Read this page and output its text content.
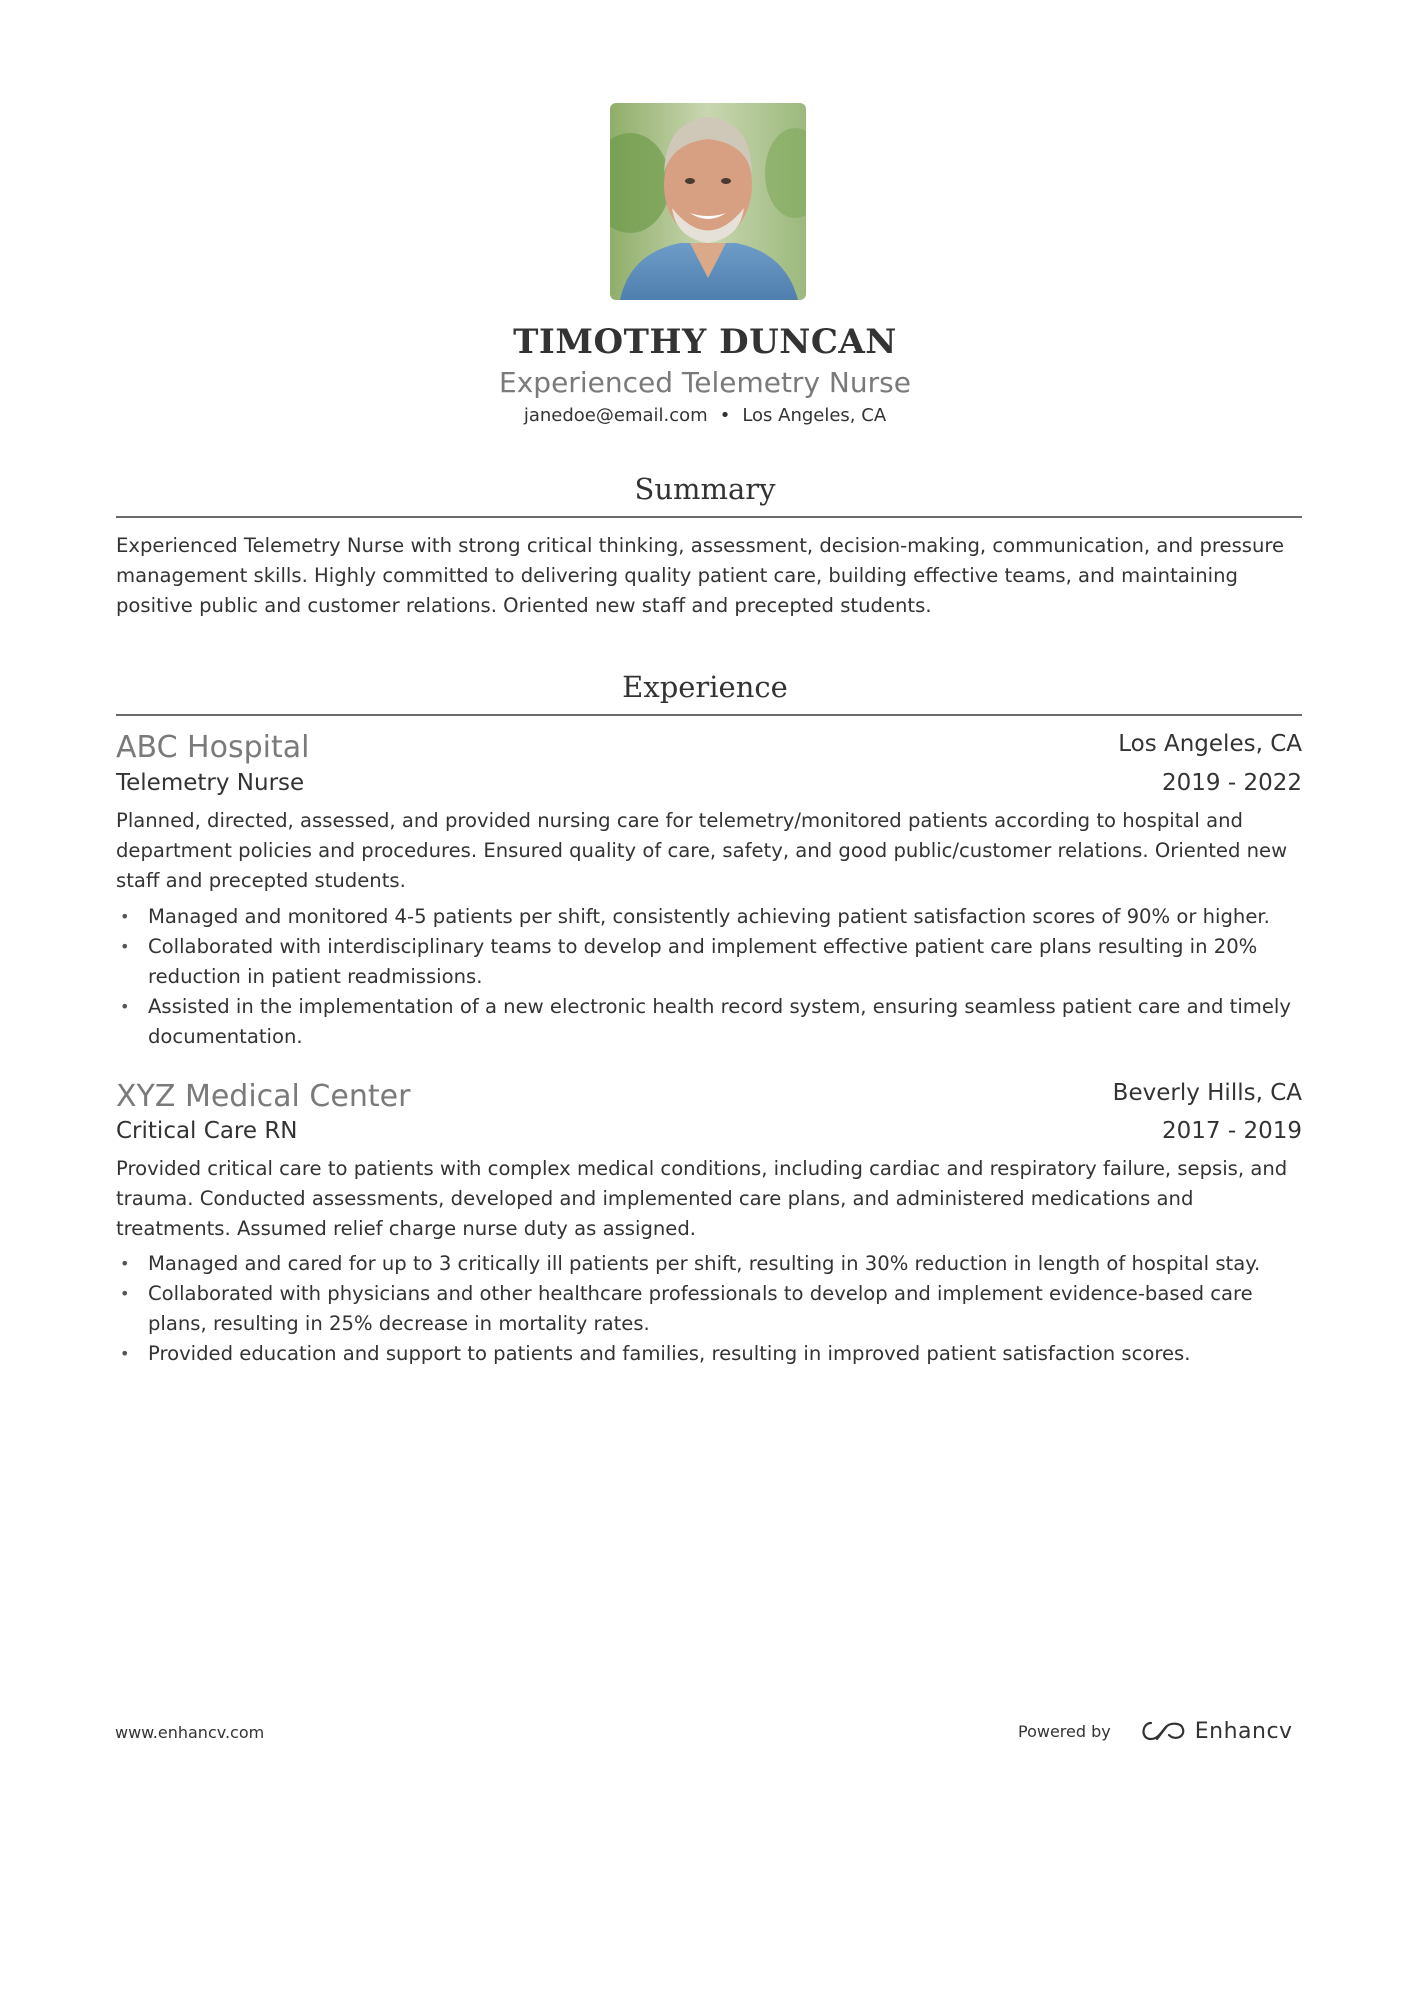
TIMOTHY DUNCAN
Experienced Telemetry Nurse
janedoe@email.com • Los Angeles, CA
Summary
Experienced Telemetry Nurse with strong critical thinking, assessment, decision-making, communication, and pressure management skills. Highly committed to delivering quality patient care, building effective teams, and maintaining positive public and customer relations. Oriented new staff and precepted students.
Experience
ABC Hospital	Los Angeles, CA
Telemetry Nurse	2019 - 2022
Planned, directed, assessed, and provided nursing care for telemetry/monitored patients according to hospital and department policies and procedures. Ensured quality of care, safety, and good public/customer relations. Oriented new staff and precepted students.
• Managed and monitored 4-5 patients per shift, consistently achieving patient satisfaction scores of 90% or higher.
• Collaborated with interdisciplinary teams to develop and implement effective patient care plans resulting in 20% reduction in patient readmissions.
• Assisted in the implementation of a new electronic health record system, ensuring seamless patient care and timely documentation.
XYZ Medical Center	Beverly Hills, CA
Critical Care RN	2017 - 2019
Provided critical care to patients with complex medical conditions, including cardiac and respiratory failure, sepsis, and trauma. Conducted assessments, developed and implemented care plans, and administered medications and treatments. Assumed relief charge nurse duty as assigned.
• Managed and cared for up to 3 critically ill patients per shift, resulting in 30% reduction in length of hospital stay.
• Collaborated with physicians and other healthcare professionals to develop and implement evidence-based care plans, resulting in 25% decrease in mortality rates.
• Provided education and support to patients and families, resulting in improved patient satisfaction scores.
www.enhancv.com	Powered by	Enhancv
